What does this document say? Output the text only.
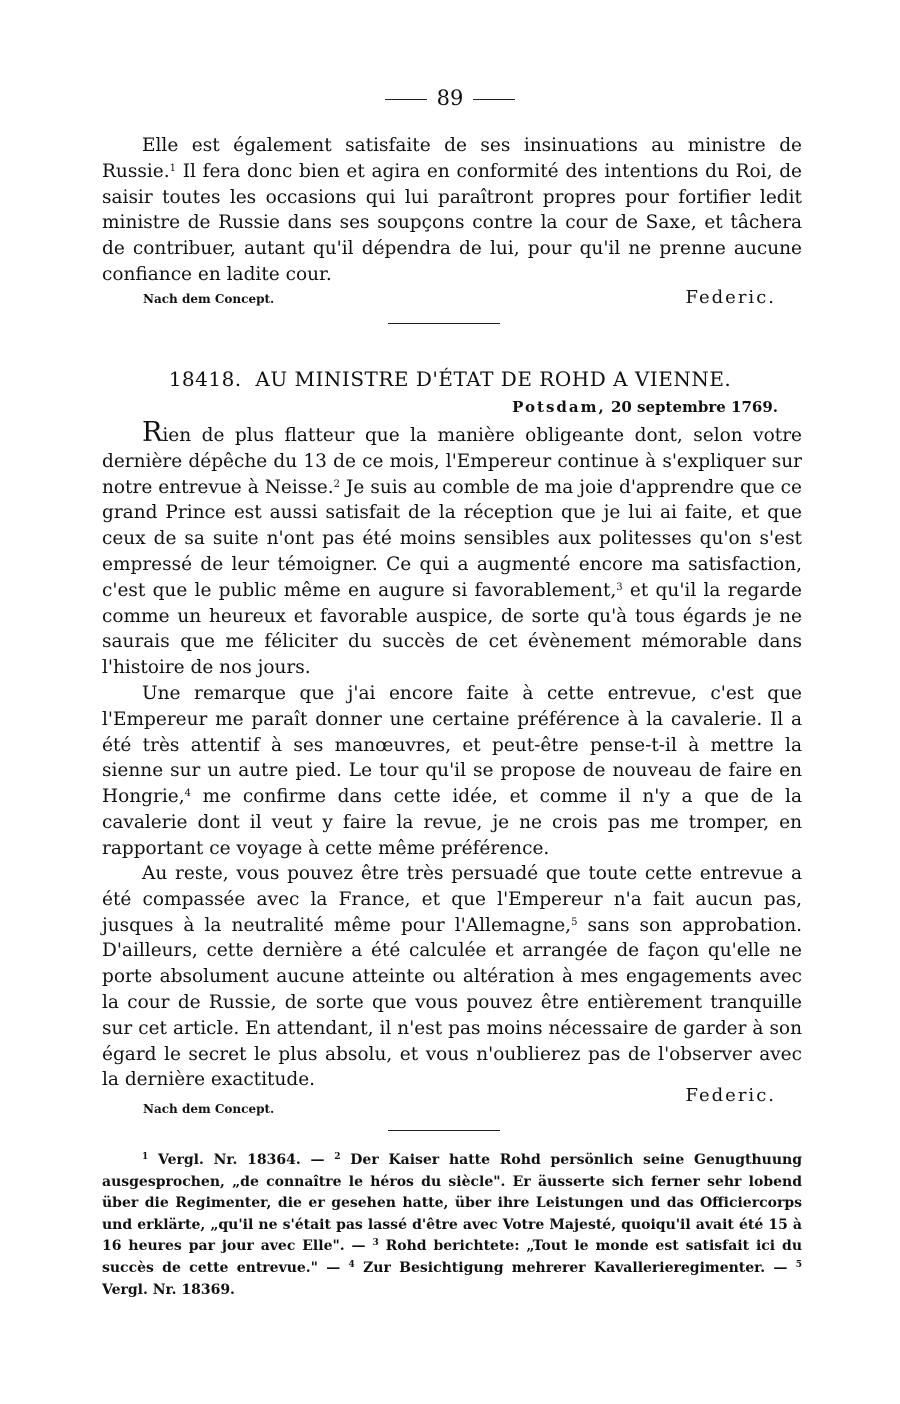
89

Elle est également satisfaite de ses insinuations au ministre de Russie.$^1$ Il fera donc bien et agira en conformité des intentions du Roi, de saisir toutes les occasions qui lui paraîtront propres pour fortifier ledit ministre de Russie dans ses soupçons contre la cour de Saxe, et tâchera de contribuer, autant qu'il dépendra de lui, pour qu'il ne prenne aucune confiance en ladite cour.

Nach dem Concept.	Federic.
18418. AU MINISTRE D'ÉTAT DE ROHD A VIENNE.
Potsdam, 20 septembre 1769.

Rien de plus flatteur que la manière obligeante dont, selon votre dernière dépêche du 13 de ce mois, l'Empereur continue à s'expliquer sur notre entrevue à Neisse.$^2$ Je suis au comble de ma joie d'apprendre que ce grand Prince est aussi satisfait de la réception que je lui ai faite, et que ceux de sa suite n'ont pas été moins sensibles aux politesses qu'on s'est empressé de leur témoigner. Ce qui a augmenté encore ma satisfaction, c'est que le public même en augure si favorablement,$^3$ et qu'il la regarde comme un heureux et favorable auspice, de sorte qu'à tous égards je ne saurais que me féliciter du succès de cet évènement mémorable dans l'histoire de nos jours.

Une remarque que j'ai encore faite à cette entrevue, c'est que l'Empereur me paraît donner une certaine préférence à la cavalerie. Il a été très attentif à ses manœuvres, et peut-être pense-t-il à mettre la sienne sur un autre pied. Le tour qu'il se propose de nouveau de faire en Hongrie,$^4$ me confirme dans cette idée, et comme il n'y a que de la cavalerie dont il veut y faire la revue, je ne crois pas me tromper, en rapportant ce voyage à cette même préférence.

Au reste, vous pouvez être très persuadé que toute cette entrevue a été compassée avec la France, et que l'Empereur n'a fait aucun pas, jusques à la neutralité même pour l'Allemagne,$^5$ sans son approbation. D'ailleurs, cette dernière a été calculée et arrangée de façon qu'elle ne porte absolument aucune atteinte ou altération à mes engagements avec la cour de Russie, de sorte que vous pouvez être entièrement tranquille sur cet article. En attendant, il n'est pas moins nécessaire de garder à son égard le secret le plus absolu, et vous n'oublierez pas de l'observer avec la dernière exactitude.

Nach dem Concept.
Federic.

$^1$ Vergl. Nr. 18364. — $^2$ Der Kaiser hatte Rohd persönlich seine Genugthuung ausgesprochen, „de connaître le héros du siècle". Er äusserte sich ferner sehr lobend über die Regimenter, die er gesehen hatte, über ihre Leistungen und das Officiercorps und erklärte, „qu'il ne s'était pas lassé d'être avec Votre Majesté, quoiqu'il avait été 15 à 16 heures par jour avec Elle". — $^3$ Rohd berichtete: „Tout le monde est satisfait ici du succès de cette entrevue." — $^4$ Zur Besichtigung mehrerer Kavallerieregimenter. — $^5$ Vergl. Nr. 18369.
